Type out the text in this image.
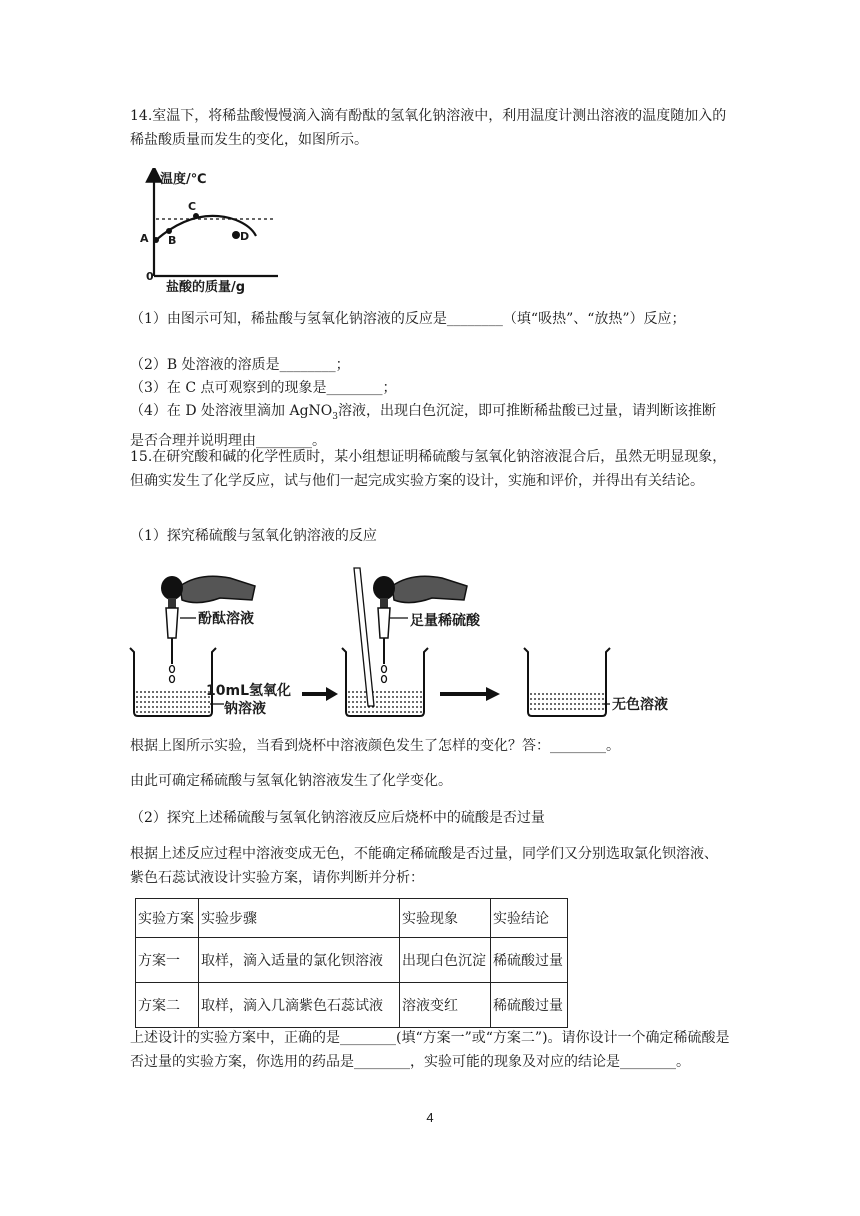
14.室温下，将稀盐酸慢慢滴入滴有酚酞的氢氧化钠溶液中，利用温度计测出溶液的温度随加入的稀盐酸质量而发生的变化，如图所示。

温度/℃
A B
C
D
0
盐酸的质量/g

（1）由图示可知，稀盐酸与氢氧化钠溶液的反应是________（填“吸热”、“放热”）反应；

（2）B 处溶液的溶质是________；

（3）在 C 点可观察到的现象是________；

（4）在 D 处溶液里滴加 AgNO$_3$溶液，出现白色沉淀，即可推断稀盐酸已过量，请判断该推断是否合理并说明理由________。

15.在研究酸和碱的化学性质时，某小组想证明稀硫酸与氢氧化钠溶液混合后，虽然无明显现象，但确实发生了化学反应，试与他们一起完成实验方案的设计，实施和评价，并得出有关结论。

（1）探究稀硫酸与氢氧化钠溶液的反应

酚酞溶液
10mL氢氧化
钠溶液
足量稀硫酸
无色溶液

根据上图所示实验，当看到烧杯中溶液颜色发生了怎样的变化？答：________。

由此可确定稀硫酸与氢氧化钠溶液发生了化学变化。

（2）探究上述稀硫酸与氢氧化钠溶液反应后烧杯中的硫酸是否过量

根据上述反应过程中溶液变成无色，不能确定稀硫酸是否过量，同学们又分别选取氯化钡溶液、紫色石蕊试液设计实验方案，请你判断并分析：

实验方案	实验步骤	实验现象	实验结论
方案一	取样，滴入适量的氯化钡溶液	出现白色沉淀	稀硫酸过量
方案二	取样，滴入几滴紫色石蕊试液	溶液变红	稀硫酸过量

上述设计的实验方案中，正确的是________(填“方案一”或“方案二”)。请你设计一个确定稀硫酸是否过量的实验方案，你选用的药品是________，实验可能的现象及对应的结论是________。

4
